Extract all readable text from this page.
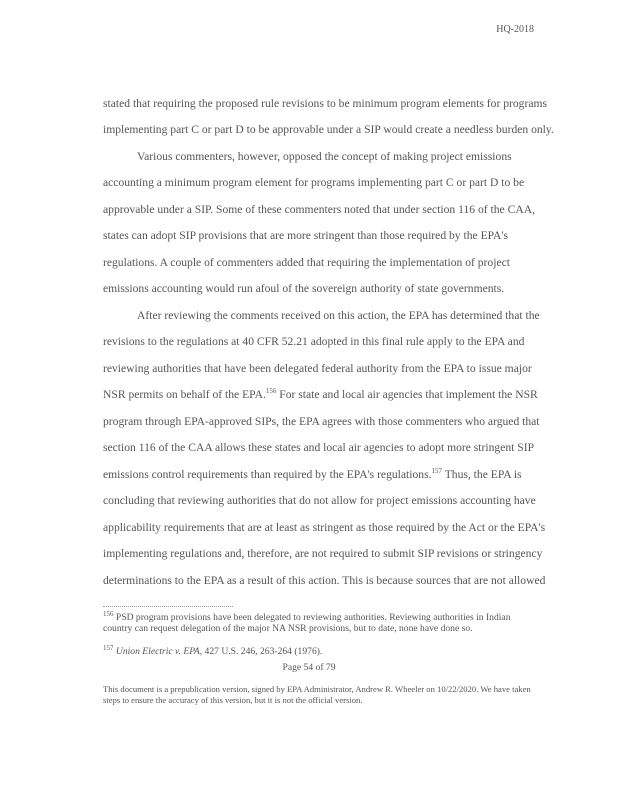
HQ-2018
stated that requiring the proposed rule revisions to be minimum program elements for programs
implementing part C or part D to be approvable under a SIP would create a needless burden only.
Various commenters, however, opposed the concept of making project emissions
accounting a minimum program element for programs implementing part C or part D to be
approvable under a SIP. Some of these commenters noted that under section 116 of the CAA,
states can adopt SIP provisions that are more stringent than those required by the EPA's
regulations. A couple of commenters added that requiring the implementation of project
emissions accounting would run afoul of the sovereign authority of state governments.
After reviewing the comments received on this action, the EPA has determined that the
revisions to the regulations at 40 CFR 52.21 adopted in this final rule apply to the EPA and
reviewing authorities that have been delegated federal authority from the EPA to issue major
NSR permits on behalf of the EPA.$^{156}$ For state and local air agencies that implement the NSR
program through EPA-approved SIPs, the EPA agrees with those commenters who argued that
section 116 of the CAA allows these states and local air agencies to adopt more stringent SIP
emissions control requirements than required by the EPA's regulations.$^{157}$ Thus, the EPA is
concluding that reviewing authorities that do not allow for project emissions accounting have
applicability requirements that are at least as stringent as those required by the Act or the EPA's
implementing regulations and, therefore, are not required to submit SIP revisions or stringency
determinations to the EPA as a result of this action. This is because sources that are not allowed
$^{156}$ PSD program provisions have been delegated to reviewing authorities. Reviewing authorities in Indian country can request delegation of the major NA NSR provisions, but to date, none have done so.
$^{157}$ Union Electric v. EPA, 427 U.S. 246, 263-264 (1976).
Page 54 of 79
This document is a prepublication version, signed by EPA Administrator, Andrew R. Wheeler on 10/22/2020. We have taken steps to ensure the accuracy of this version, but it is not the official version.
